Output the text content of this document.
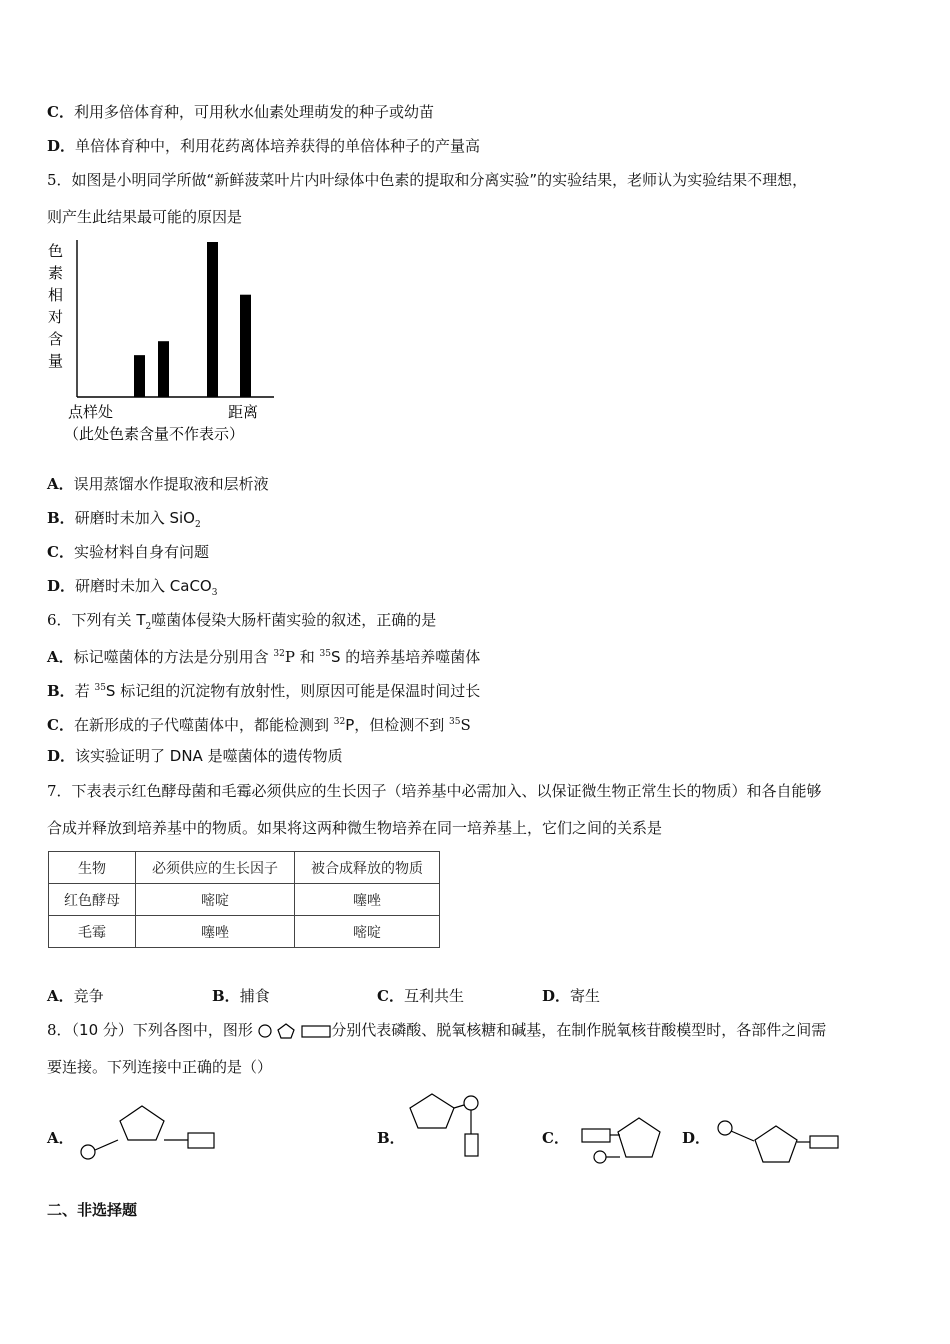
C．利用多倍体育种，可用秋水仙素处理萌发的种子或幼苗
D．单倍体育种中，利用花药离体培养获得的单倍体种子的产量高
5．如图是小明同学所做“新鲜菠菜叶片内叶绿体中色素的提取和分离实验”的实验结果，老师认为实验结果不理想，
则产生此结果最可能的原因是
色
素
相
对
含
量
点样处	距离
（此处色素含量不作表示）
A．误用蒸馏水作提取液和层析液
B．研磨时未加入 SiO$_2$
C．实验材料自身有问题
D．研磨时未加入 CaCO$_3$
6．下列有关 $T_2$噬菌体侵染大肠杆菌实验的叙述，正确的是
A．标记噬菌体的方法是分别用含 $^{32}$P 和 $^{35}$S 的培养基培养噬菌体
B．若 $^{35}$S 标记组的沉淀物有放射性，则原因可能是保温时间过长
C．在新形成的子代噬菌体中，都能检测到 $^{32}$P，但检测不到 $^{35}$S
D．该实验证明了 DNA 是噬菌体的遗传物质
7．下表表示红色酵母菌和毛霉必须供应的生长因子（培养基中必需加入、以保证微生物正常生长的物质）和各自能够
合成并释放到培养基中的物质。如果将这两种微生物培养在同一培养基上，它们之间的关系是
生物	必须供应的生长因子	被合成释放的物质
红色酵母	嘧啶	噻唑
毛霉	噻唑	嘧啶
A．竞争	B．捕食	C．互利共生	D．寄生
8．（10 分）下列各图中，图形	分别代表磷酸、脱氧核糖和碱基，在制作脱氧核苷酸模型时，各部件之间需
要连接。下列连接中正确的是（）
A．	B．	C．	D．
二、非选择题
